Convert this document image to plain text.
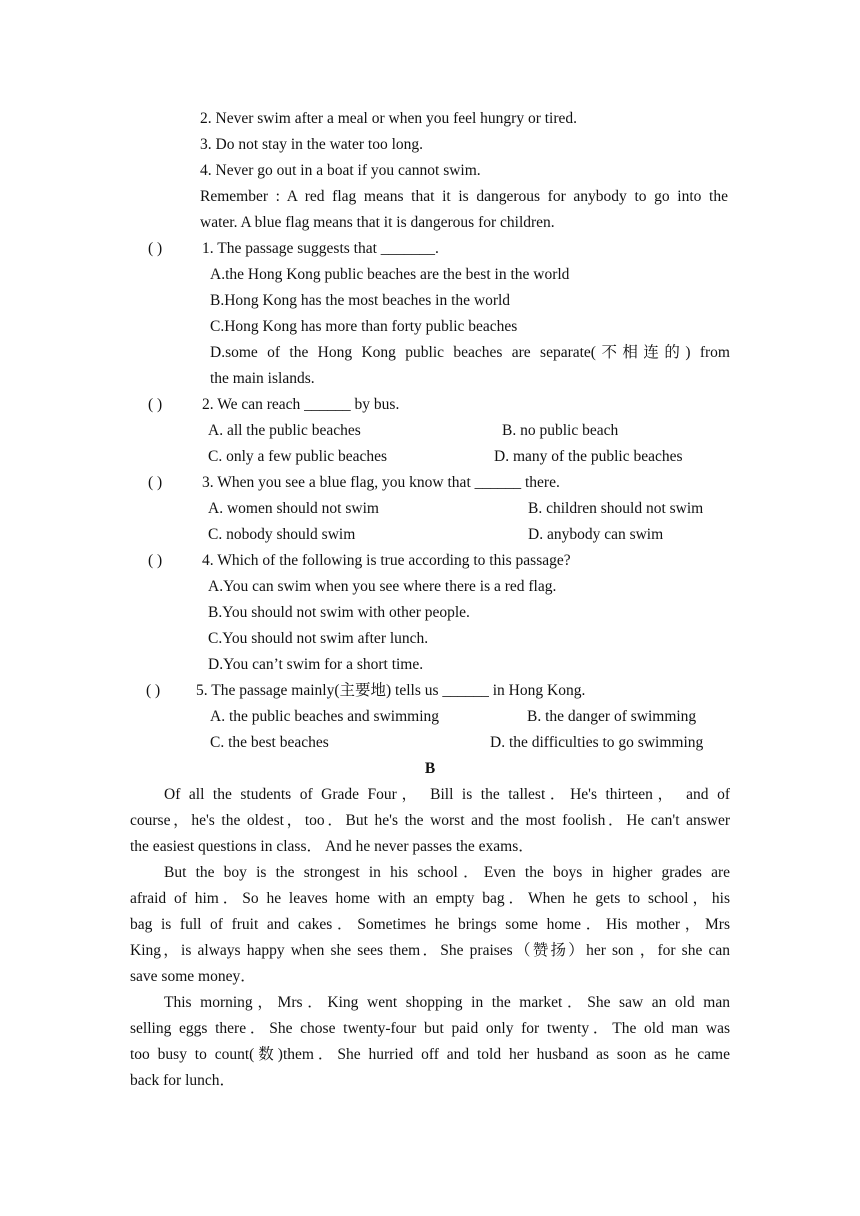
2. Never swim after a meal or when you feel hungry or tired.
3. Do not stay in the water too long.
4. Never go out in a boat if you cannot swim.
Remember : A red flag means that it is dangerous for anybody to go into the
water. A blue flag means that it is dangerous for children.
( )	1. The passage suggests that _______.
A.the Hong Kong public beaches are the best in the world
B.Hong Kong has the most beaches in the world
C.Hong Kong has more than forty public beaches
D.some of the Hong Kong public beaches are separate(不相连的) from
the main islands.
( )	2. We can reach ______ by bus.
A. all the public beaches	B. no public beach
C. only a few public beaches	D. many of the public beaches
( )	3. When you see a blue flag, you know that ______ there.
A. women should not swim	B. children should not swim
C. nobody should swim	D. anybody can swim
( )	4. Which of the following is true according to this passage?
A.You can swim when you see where there is a red flag.
B.You should not swim with other people.
C.You should not swim after lunch.
D.You can’t swim for a short time.
( ) 5. The passage mainly(主要地) tells us ______ in Hong Kong.
A. the public beaches and swimming	B. the danger of swimming
C. the best beaches	D. the difficulties to go swimming
B
Of all the students of Grade Four， Bill is the tallest．He's thirteen， and of
course，he's the oldest，too．But he's the worst and the most foolish．He can't answer
the easiest questions in class． And he never passes the exams．
But the boy is the strongest in his school．Even the boys in higher grades are
afraid of him．So he leaves home with an empty bag．When he gets to school，his
bag is full of fruit and cakes．Sometimes he brings some home．His mother，Mrs
King，is always happy when she sees them．She praises（赞扬）her son ，for she can
save some money．
This morning，Mrs．King went shopping in the market．She saw an old man
selling eggs there．She chose twenty-four but paid only for twenty．The old man was
too busy to count(数)them．She hurried off and told her husband as soon as he came
back for lunch．
